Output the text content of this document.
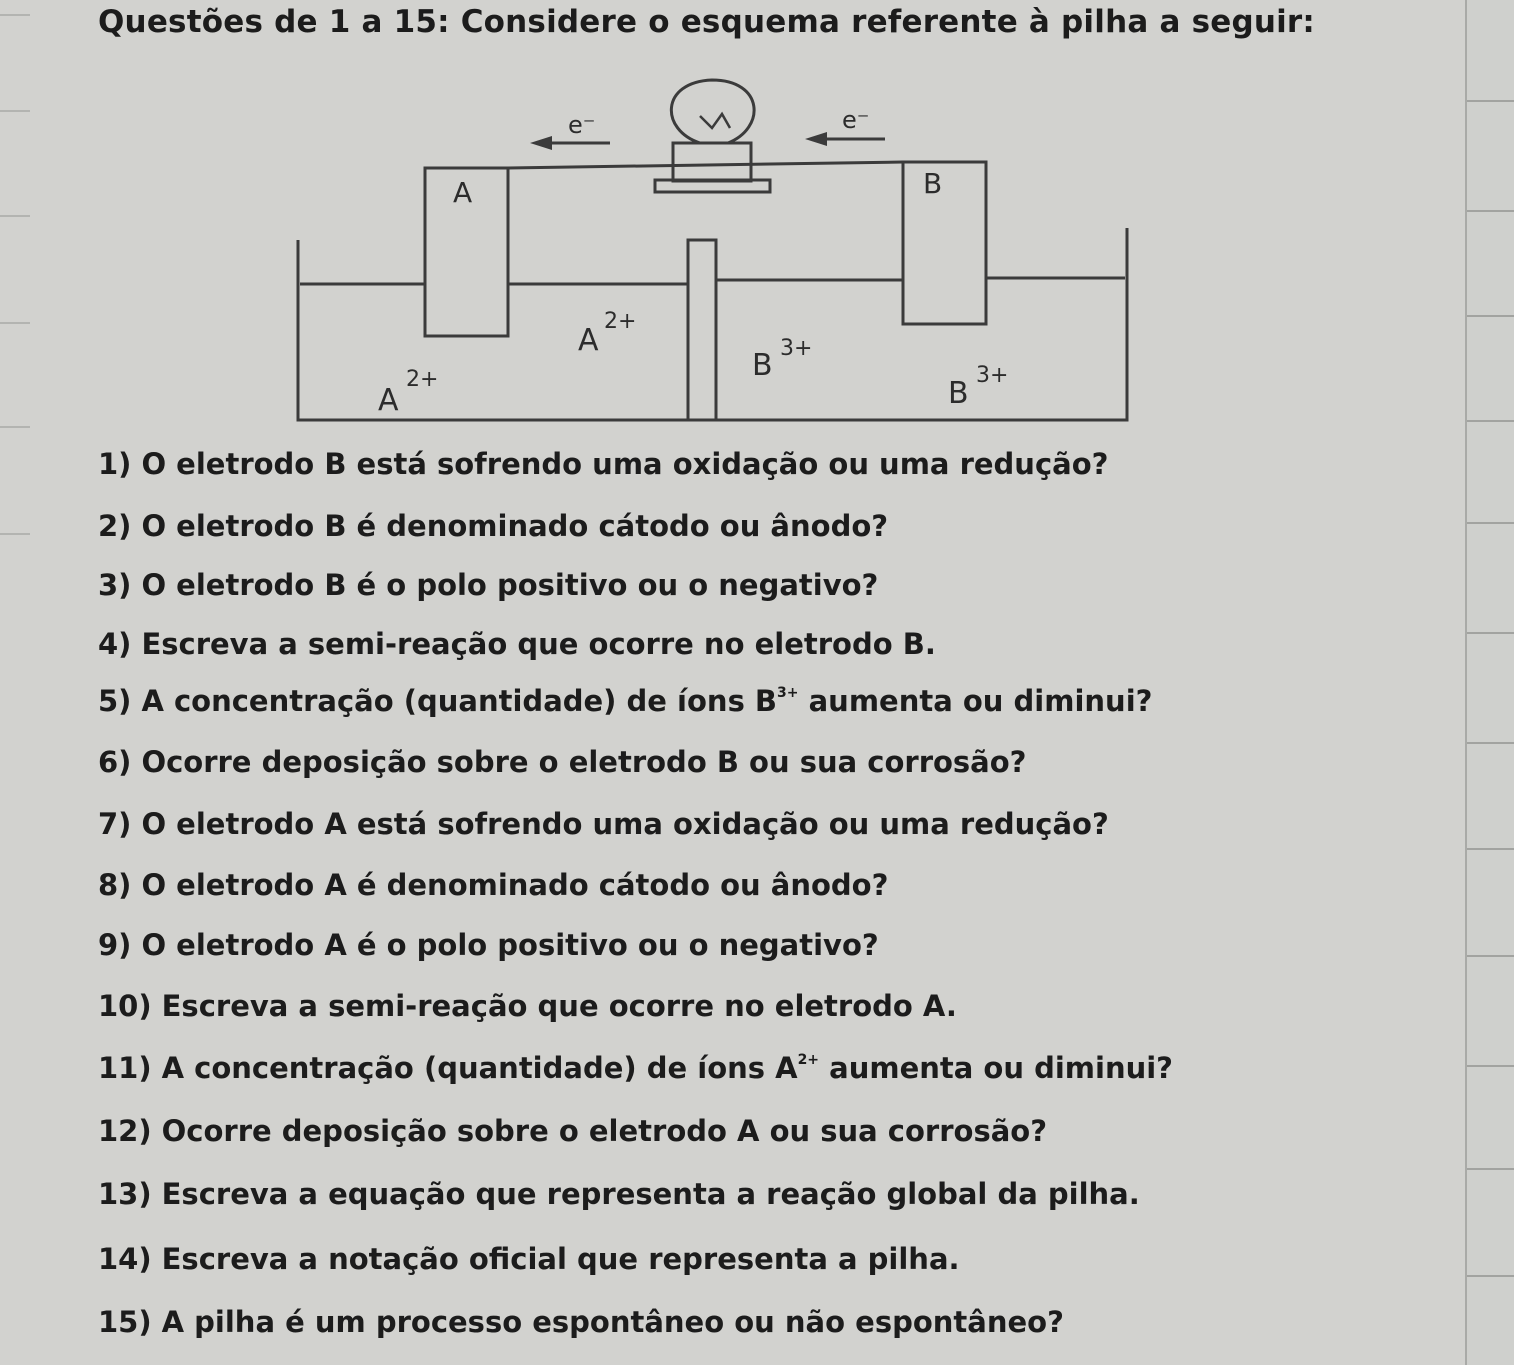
Questões de 1 a 15: Considere o esquema referente à pilha a seguir:
e⁻	e⁻
A	B
A
2+
A
2+	B 3+
B
3+
1) O eletrodo B está sofrendo uma oxidação ou uma redução?
2) O eletrodo B é denominado cátodo ou ânodo?
3) O eletrodo B é o polo positivo ou o negativo?
4) Escreva a semi-reação que ocorre no eletrodo B.
5) A concentração (quantidade) de íons $B^{3+}$ aumenta ou diminui?
6) Ocorre deposição sobre o eletrodo B ou sua corrosão?
7) O eletrodo A está sofrendo uma oxidação ou uma redução?
8) O eletrodo A é denominado cátodo ou ânodo?
9) O eletrodo A é o polo positivo ou o negativo?
10) Escreva a semi-reação que ocorre no eletrodo A.
11) A concentração (quantidade) de íons $A^{2+}$ aumenta ou diminui?
12) Ocorre deposição sobre o eletrodo A ou sua corrosão?
13) Escreva a equação que representa a reação global da pilha.
14) Escreva a notação oficial que representa a pilha.
15) A pilha é um processo espontâneo ou não espontâneo?
